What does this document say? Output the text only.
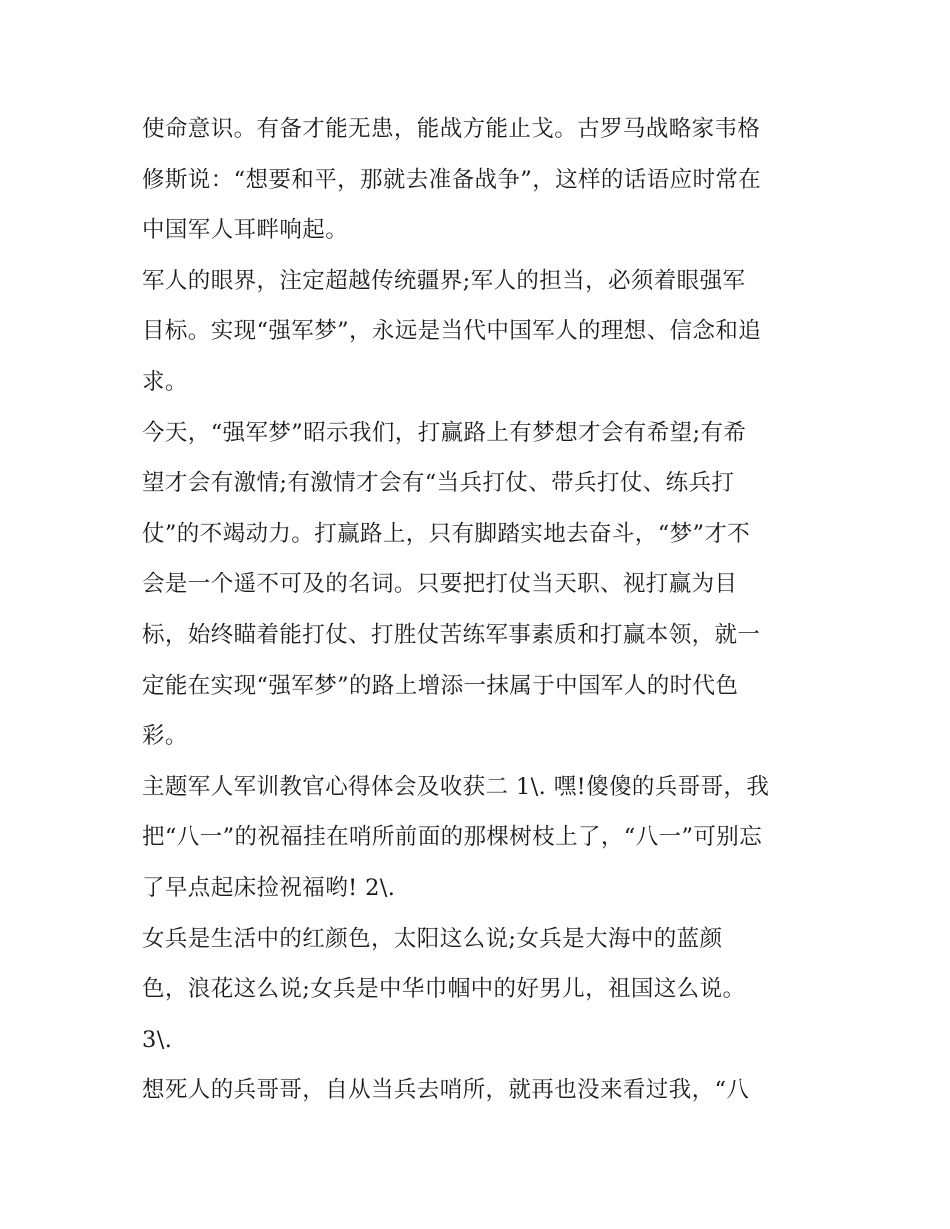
使命意识。有备才能无患，能战方能止戈。古罗马战略家韦格
修斯说：“想要和平，那就去准备战争”，这样的话语应时常在
中国军人耳畔响起。
军人的眼界，注定超越传统疆界;军人的担当，必须着眼强军
目标。实现“强军梦”，永远是当代中国军人的理想、信念和追
求。
今天，“强军梦”昭示我们，打赢路上有梦想才会有希望;有希
望才会有激情;有激情才会有“当兵打仗、带兵打仗、练兵打
仗”的不竭动力。打赢路上，只有脚踏实地去奋斗，“梦”才不
会是一个遥不可及的名词。只要把打仗当天职、视打赢为目
标，始终瞄着能打仗、打胜仗苦练军事素质和打赢本领，就一
定能在实现“强军梦”的路上增添一抹属于中国军人的时代色
彩。
主题军人军训教官心得体会及收获二 1\. 嘿!傻傻的兵哥哥，我
把“八一”的祝福挂在哨所前面的那棵树枝上了，“八一”可别忘
了早点起床捡祝福哟! 2\.
女兵是生活中的红颜色，太阳这么说;女兵是大海中的蓝颜
色，浪花这么说;女兵是中华巾帼中的好男儿，祖国这么说。
3\.
想死人的兵哥哥，自从当兵去哨所，就再也没来看过我，“八
